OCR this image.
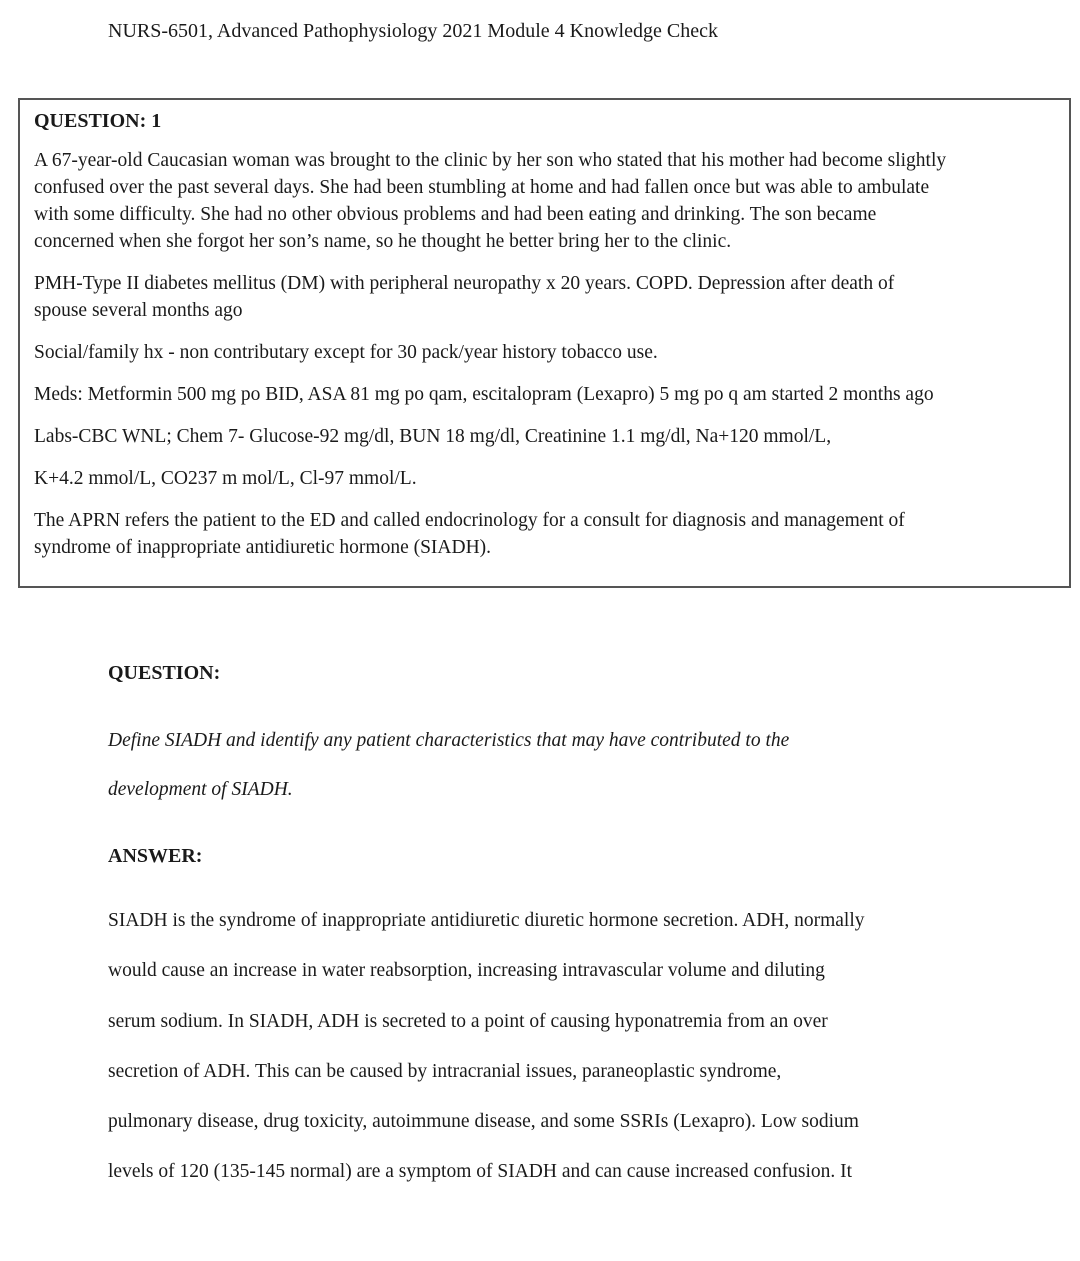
NURS-6501, Advanced Pathophysiology 2021 Module 4 Knowledge Check
QUESTION: 1
A 67-year-old Caucasian woman was brought to the clinic by her son who stated that his mother had become slightly
confused over the past several days. She had been stumbling at home and had fallen once but was able to ambulate
with some difficulty. She had no other obvious problems and had been eating and drinking. The son became
concerned when she forgot her son’s name, so he thought he better bring her to the clinic.
PMH-Type II diabetes mellitus (DM) with peripheral neuropathy x 20 years. COPD. Depression after death of
spouse several months ago
Social/family hx - non contributary except for 30 pack/year history tobacco use.
Meds: Metformin 500 mg po BID, ASA 81 mg po qam, escitalopram (Lexapro) 5 mg po q am started 2 months ago
Labs-CBC WNL; Chem 7- Glucose-92 mg/dl, BUN 18 mg/dl, Creatinine 1.1 mg/dl, Na+120 mmol/L,
K+4.2 mmol/L, CO237 m mol/L, Cl-97 mmol/L.
The APRN refers the patient to the ED and called endocrinology for a consult for diagnosis and management of
syndrome of inappropriate antidiuretic hormone (SIADH).
QUESTION:
Define SIADH and identify any patient characteristics that may have contributed to the
development of SIADH.
ANSWER:
SIADH is the syndrome of inappropriate antidiuretic diuretic hormone secretion. ADH, normally
would cause an increase in water reabsorption, increasing intravascular volume and diluting
serum sodium. In SIADH, ADH is secreted to a point of causing hyponatremia from an over
secretion of ADH. This can be caused by intracranial issues, paraneoplastic syndrome,
pulmonary disease, drug toxicity, autoimmune disease, and some SSRIs (Lexapro). Low sodium
levels of 120 (135-145 normal) are a symptom of SIADH and can cause increased confusion. It
